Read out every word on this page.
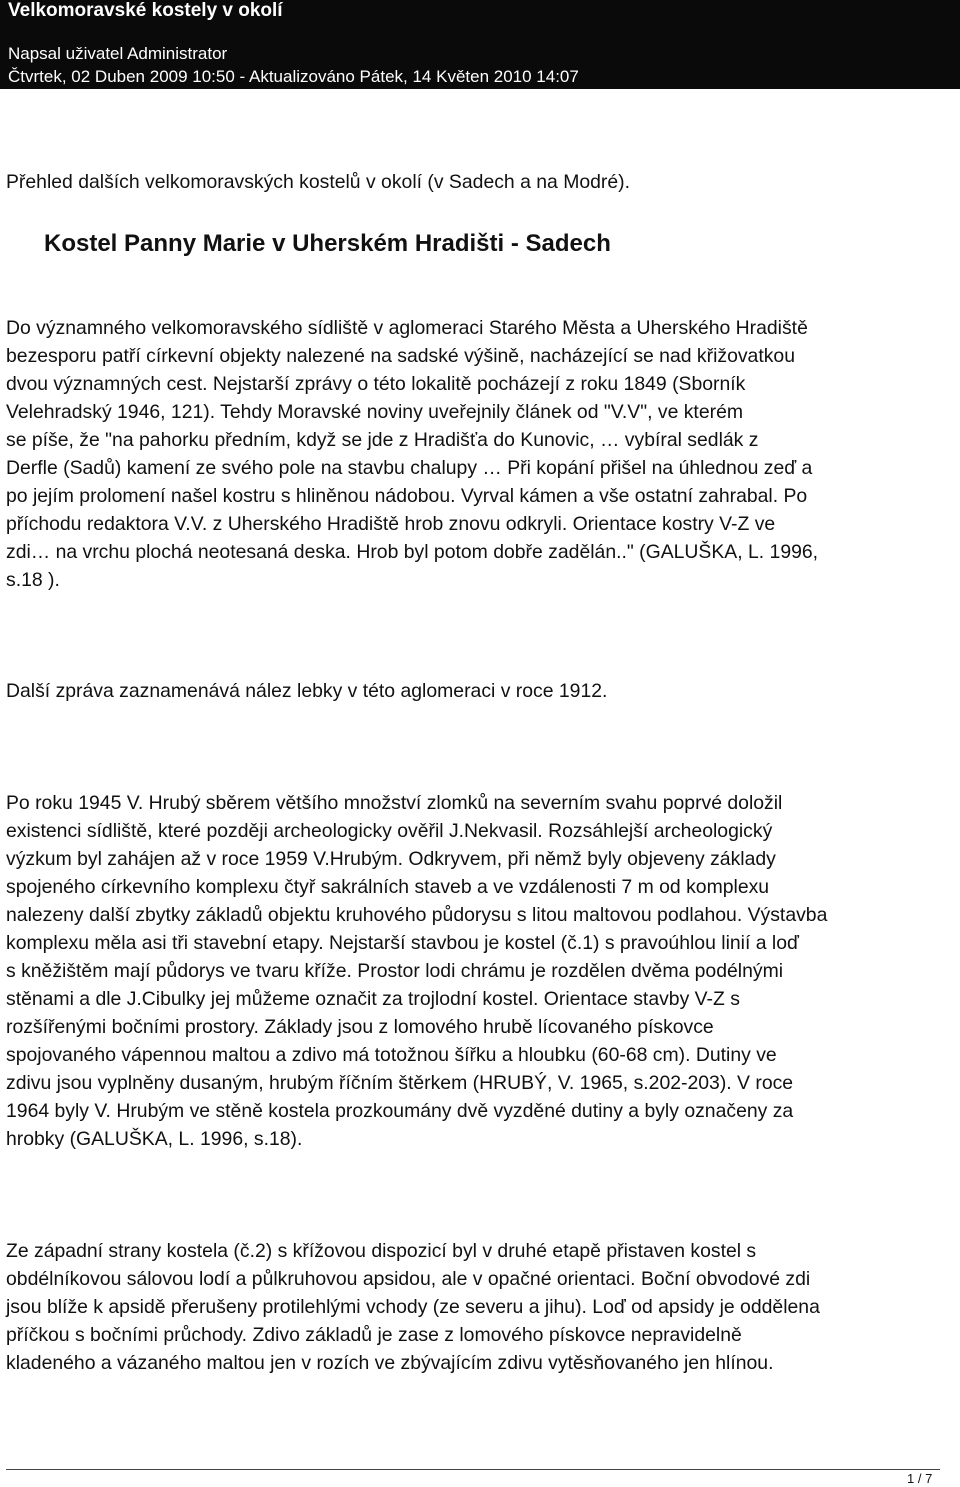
Velkomoravské kostely v okolí
Napsal uživatel Administrator
Čtvrtek, 02 Duben 2009 10:50 - Aktualizováno Pátek, 14 Květen 2010 14:07
Přehled dalších velkomoravských kostelů v okolí (v Sadech a na Modré).
Kostel Panny Marie v Uherském Hradišti - Sadech
Do významného velkomoravského sídliště v aglomeraci Starého Města a Uherského Hradiště
bezesporu patří církevní objekty nalezené na sadské výšině, nacházející se nad křižovatkou
dvou významných cest. Nejstarší zprávy o této lokalitě pocházejí z roku 1849 (Sborník
Velehradský 1946, 121). Tehdy Moravské noviny uveřejnily článek od "V.V", ve kterém
se píše, že "na pahorku předním, když se jde z Hradišťa do Kunovic, … vybíral sedlák z
Derfle (Sadů) kamení ze svého pole na stavbu chalupy … Při kopání přišel na úhlednou zeď a
po jejím prolomení našel kostru s hliněnou nádobou. Vyrval kámen a vše ostatní zahrabal. Po
příchodu redaktora V.V. z Uherského Hradiště hrob znovu odkryli. Orientace kostry V-Z ve
zdi… na vrchu plochá neotesaná deska. Hrob byl potom dobře zadělán.." (GALUŠKA, L. 1996,
s.18 ).
Další zpráva zaznamenává nález lebky v této aglomeraci v roce 1912.
Po roku 1945 V. Hrubý sběrem většího množství zlomků na severním svahu poprvé doložil
existenci sídliště, které později archeologicky ověřil J.Nekvasil. Rozsáhlejší archeologický
výzkum byl zahájen až v roce 1959 V.Hrubým. Odkryvem, při němž byly objeveny základy
spojeného církevního komplexu čtyř sakrálních staveb a ve vzdálenosti 7 m od komplexu
nalezeny další zbytky základů objektu kruhového půdorysu s litou maltovou podlahou. Výstavba
komplexu měla asi tři stavební etapy. Nejstarší stavbou je kostel (č.1) s pravoúhlou linií a loď
s kněžištěm mají půdorys ve tvaru kříže. Prostor lodi chrámu je rozdělen dvěma podélnými
stěnami a dle J.Cibulky jej můžeme označit za trojlodní kostel. Orientace stavby V-Z s
rozšířenými bočními prostory. Základy jsou z lomového hrubě lícovaného pískovce
spojovaného vápennou maltou a zdivo má totožnou šířku a hloubku (60-68 cm). Dutiny ve
zdivu jsou vyplněny dusaným, hrubým říčním štěrkem (HRUBÝ, V. 1965, s.202-203). V roce
1964 byly V. Hrubým ve stěně kostela prozkoumány dvě vyzděné dutiny a byly označeny za
hrobky (GALUŠKA, L. 1996, s.18).
Ze západní strany kostela (č.2) s křížovou dispozicí byl v druhé etapě přistaven kostel s
obdélníkovou sálovou lodí a půlkruhovou apsidou, ale v opačné orientaci. Boční obvodové zdi
jsou blíže k apsidě přerušeny protilehlými vchody (ze severu a jihu). Loď od apsidy je oddělena
příčkou s bočními průchody. Zdivo základů je zase z lomového pískovce nepravidelně
kladeného a vázaného maltou jen v rozích ve zbývajícím zdivu vytěsňovaného jen hlínou.
1 / 7
